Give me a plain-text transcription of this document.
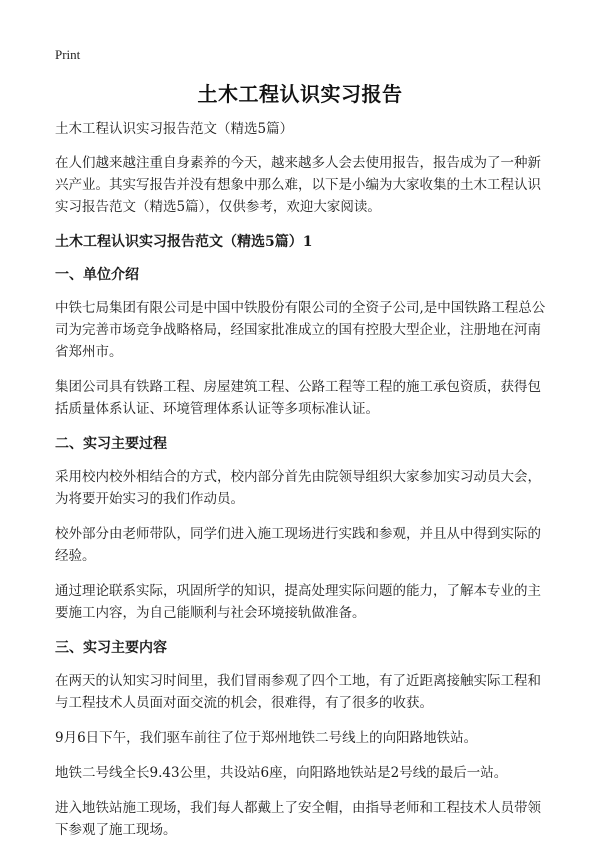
Print
土木工程认识实习报告

土木工程认识实习报告范文（精选5篇）

在人们越来越注重自身素养的今天，越来越多人会去使用报告，报告成为了一种新兴产业。其实写报告并没有想象中那么难，以下是小编为大家收集的土木工程认识实习报告范文（精选5篇），仅供参考，欢迎大家阅读。

土木工程认识实习报告范文（精选5篇）1
一、单位介绍

中铁七局集团有限公司是中国中铁股份有限公司的全资子公司,是中国铁路工程总公司为完善市场竞争战略格局，经国家批准成立的国有控股大型企业，注册地在河南省郑州市。

集团公司具有铁路工程、房屋建筑工程、公路工程等工程的施工承包资质，获得包括质量体系认证、环境管理体系认证等多项标准认证。

二、实习主要过程

采用校内校外相结合的方式，校内部分首先由院领导组织大家参加实习动员大会，为将要开始实习的我们作动员。

校外部分由老师带队，同学们进入施工现场进行实践和参观，并且从中得到实际的经验。

通过理论联系实际，巩固所学的知识，提高处理实际问题的能力，了解本专业的主要施工内容，为自己能顺利与社会环境接轨做准备。

三、实习主要内容

在两天的认知实习时间里，我们冒雨参观了四个工地，有了近距离接触实际工程和与工程技术人员面对面交流的机会，很难得，有了很多的收获。

9月6日下午，我们驱车前往了位于郑州地铁二号线上的向阳路地铁站。

地铁二号线全长9.43公里，共设站6座，向阳路地铁站是2号线的最后一站。

进入地铁站施工现场，我们每人都戴上了安全帽，由指导老师和工程技术人员带领下参观了施工现场。
